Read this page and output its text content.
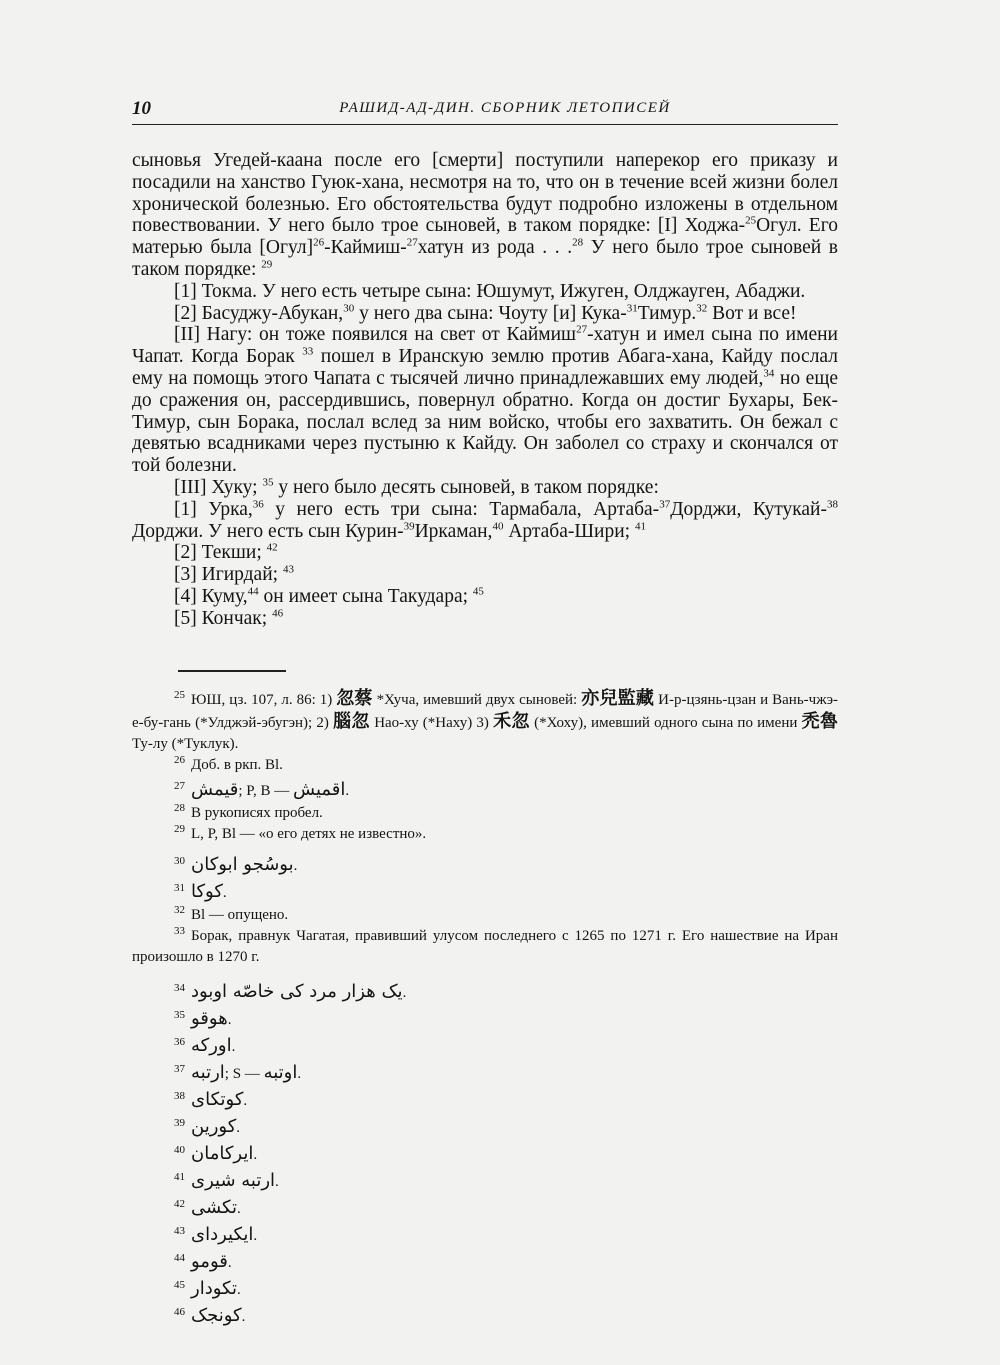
10	РАШИД-АД-ДИН. СБОРНИК ЛЕТОПИСЕЙ

сыновья Угедей-каана после его [смерти] поступили наперекор его приказу и посадили на ханство Гуюк-хана, несмотря на то, что он в течение всей жизни болел хронической болезнью. Его обстоятельства будут подробно изложены в отдельном повествовании. У него было трое сыновей, в таком порядке: [I] Ходжа-$^{25}$Огул. Его матерью была [Огул]$^{26}$-Каймиш-$^{27}$хатун из рода . . .$^{28}$ У него было трое сыновей в таком порядке: $^{29}$

[1] Токма. У него есть четыре сына: Юшумут, Ижуген, Олджауген, Абаджи.

[2] Басуджу-Абукан,$^{30}$ у него два сына: Чоуту [и] Кука-$^{31}$Тимур.$^{32}$ Вот и все!

[II] Нагу: он тоже появился на свет от Каймиш$^{27}$-хатун и имел сына по имени Чапат. Когда Борак $^{33}$ пошел в Иранскую землю против Абага-хана, Кайду послал ему на помощь этого Чапата с тысячей лично принадлежавших ему людей,$^{34}$ но еще до сражения он, рассердившись, повернул обратно. Когда он достиг Бухары, Бек-Тимур, сын Борака, послал вслед за ним войско, чтобы его захватить. Он бежал с девятью всадниками через пустыню к Кайду. Он заболел со страху и скончался от той болезни.

[III] Хуку; $^{35}$ у него было десять сыновей, в таком порядке:

[1] Урка,$^{36}$ у него есть три сына: Тармабала, Артаба-$^{37}$Дорджи, Кутукай-$^{38}$ Дорджи. У него есть сын Курин-$^{39}$Иркаман,$^{40}$ Артаба-Шири; $^{41}$

[2] Текши; $^{42}$

[3] Игирдай; $^{43}$

[4] Куму,$^{44}$ он имеет сына Такудара; $^{45}$

[5] Кончак; $^{46}$

$^{25}$ ЮШ, цз. 107, л. 86: 1) 忽蔡 *Хуча, имевший двух сыновей: 亦兒監藏 И-р-цзянь-цзан и Вань-чжэ-е-бу-гань (*Улджэй-эбугэн); 2) 腦忽 Нао-ху (*Наху) 3) 禾忽 (*Хоху), имевший одного сына по имени 禿魯 Ту-лу (*Туклук).

$^{26}$ Доб. в ркп. Bl.

$^{27}$ قیمش; P, B — اقمیش.

$^{28}$ В рукописях пробел.

$^{29}$ L, P, Bl — «о его детях не известно».

$^{30}$ بوسُجو ابوکان.

$^{31}$ کوکا.

$^{32}$ Bl — опущено.

$^{33}$ Борак, правнук Чагатая, правивший улусом последнего с 1265 по 1271 г. Его нашествие на Иран произошло в 1270 г.

$^{34}$ یک هزار مرد کی خاصّه اوبود.

$^{35}$ هوقو.

$^{36}$ اورکه.

$^{37}$ ارتبه; S — اوتبه.

$^{38}$ کوتکای.

$^{39}$ کورین.

$^{40}$ ایرکامان.

$^{41}$ ارتبه شیری.

$^{42}$ تکشی.

$^{43}$ ایکیردای.

$^{44}$ قومو.

$^{45}$ تکودار.

$^{46}$ کونجک.
